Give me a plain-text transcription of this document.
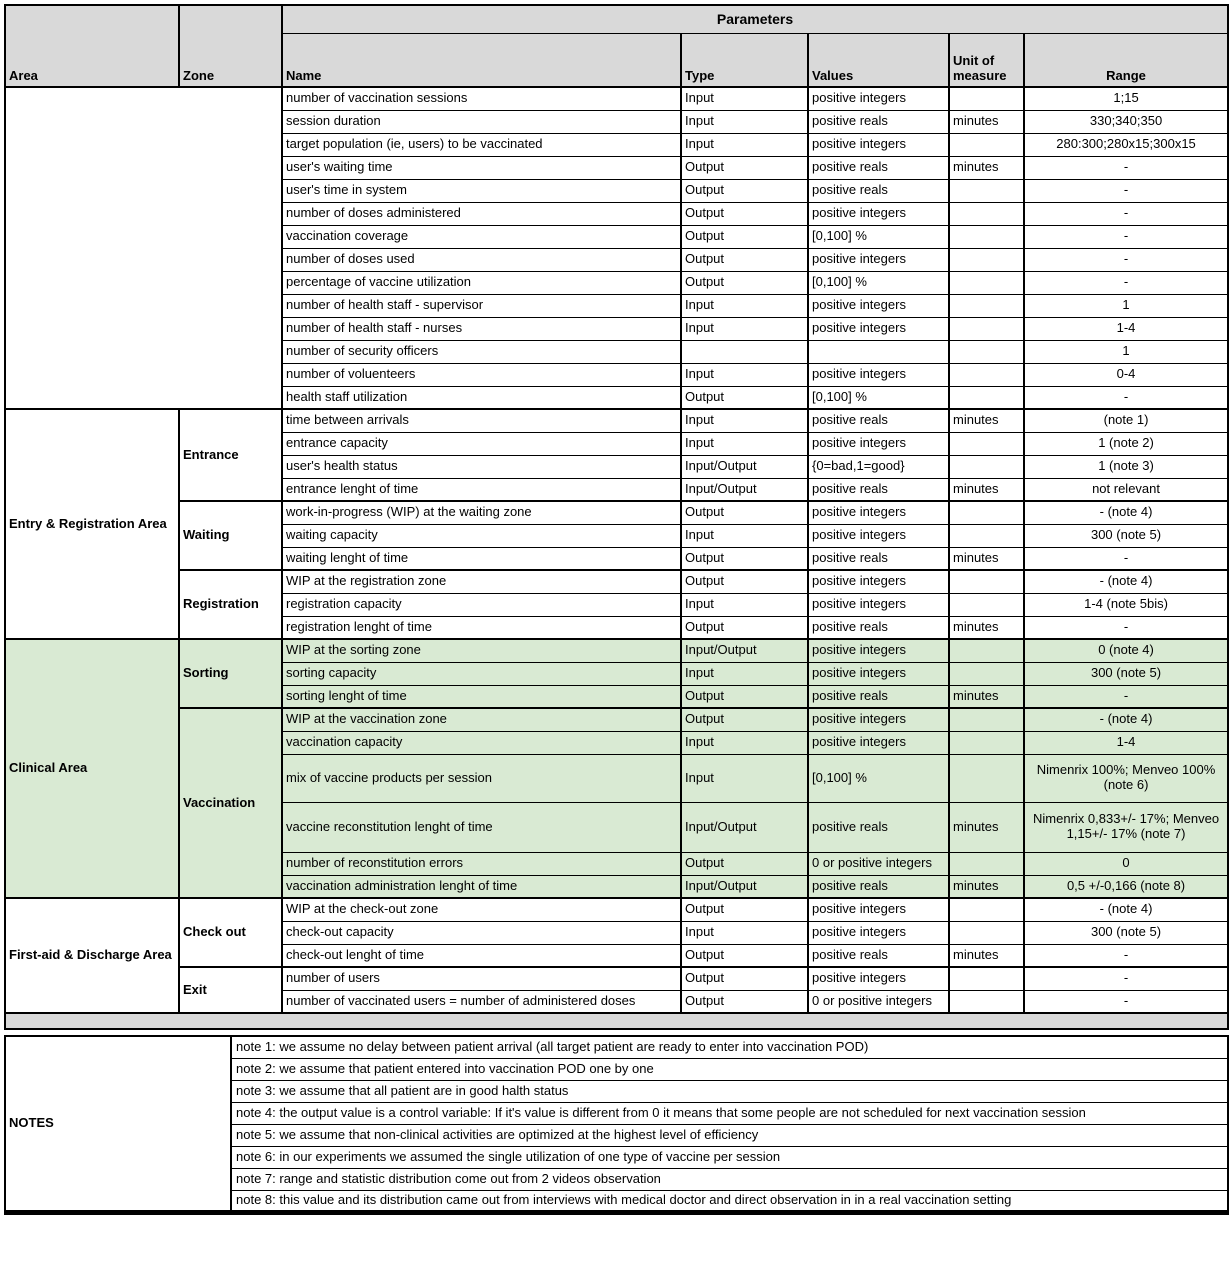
Area	Zone	Parameters				
		Name	Type	Values	Unit of measure	Range
		number of vaccination sessions	Input	positive integers		1;15
		session duration	Input	positive reals	minutes	330;340;350
		target population (ie, users) to be vaccinated	Input	positive integers		280:300;280x15;300x15
		user's waiting time	Output	positive reals	minutes	-
		user's time in system	Output	positive reals		-
		number of doses administered	Output	positive integers		-
		vaccination coverage	Output	[0,100] %		-
		number of doses used	Output	positive integers		-
		percentage of vaccine utilization	Output	[0,100] %		-
		number of health staff - supervisor	Input	positive integers		1
		number of health staff - nurses	Input	positive integers		1-4
		number of security officers				1
		number of voluenteers	Input	positive integers		0-4
		health staff utilization	Output	[0,100] %		-
Entry & Registration Area	Entrance	time between arrivals	Input	positive reals	minutes	(note 1)
		entrance capacity	Input	positive integers		1 (note 2)
		user's health status	Input/Output	{0=bad,1=good}		1 (note 3)
		entrance lenght of time	Input/Output	positive reals	minutes	not relevant
	Waiting	work-in-progress (WIP) at the waiting zone	Output	positive integers		- (note 4)
		waiting capacity	Input	positive integers		300 (note 5)
		waiting lenght of time	Output	positive reals	minutes	-
	Registration	WIP at the registration zone	Output	positive integers		- (note 4)
		registration capacity	Input	positive integers		1-4 (note 5bis)
		registration lenght of time	Output	positive reals	minutes	-
Clinical Area	Sorting	WIP at the sorting zone	Input/Output	positive integers		0 (note 4)
		sorting capacity	Input	positive integers		300 (note 5)
		sorting lenght of time	Output	positive reals	minutes	-
	Vaccination	WIP at the vaccination zone	Output	positive integers		- (note 4)
		vaccination capacity	Input	positive integers		1-4
		mix of vaccine products per session	Input	[0,100] %		Nimenrix 100%; Menveo 100% (note 6)
		vaccine reconstitution lenght of time	Input/Output	positive reals	minutes	Nimenrix 0,833+/- 17%; Menveo 1,15+/- 17% (note 7)
		number of reconstitution errors	Output	0 or positive integers		0
		vaccination administration lenght of time	Input/Output	positive reals	minutes	0,5 +/-0,166 (note 8)
First-aid & Discharge Area	Check out	WIP at the check-out zone	Output	positive integers		- (note 4)
		check-out capacity	Input	positive integers		300 (note 5)
		check-out lenght of time	Output	positive reals	minutes	-
	Exit	number of users	Output	positive integers		-
		number of vaccinated users = number of administered doses	Output	0 or positive integers		-

NOTES	note 1: we assume no delay between patient arrival (all target patient are ready to enter into vaccination POD)
note 2: we assume that patient entered into vaccination POD one by one
note 3: we assume that all patient are in good halth status
note 4: the output value is a control variable: If it's value is different from 0 it means that some people are not scheduled for next vaccination session
note 5: we assume that non-clinical activities are optimized at the highest level of efficiency
note 6: in our experiments we assumed the single utilization of one type of vaccine per session
note 7: range and statistic distribution come out from 2 videos observation
note 8: this value and its distribution came out from interviews with medical doctor and direct observation in in a real vaccination setting
